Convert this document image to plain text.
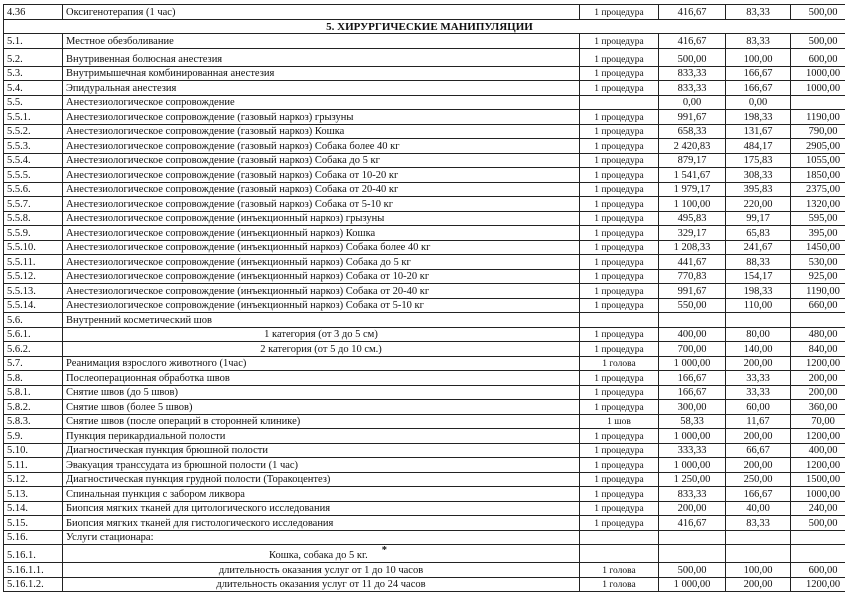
4.36	Оксигенотерапия (1 час)	1 процедура	416,67	83,33	500,00
5. ХИРУРГИЧЕСКИЕ МАНИПУЛЯЦИИ					
5.1.	Местное обезболивание	1 процедура	416,67	83,33	500,00
5.2.	Внутривенная болюсная анестезия	1 процедура	500,00	100,00	600,00
5.3.	Внутримышечная комбинированная анестезия	1 процедура	833,33	166,67	1000,00
5.4.	Эпидуральная анестезия	1 процедура	833,33	166,67	1000,00
5.5.	Анестезиологическое сопровождение		0,00	0,00	
5.5.1.	Анестезиологическое сопровождение (газовый наркоз) грызуны	1 процедура	991,67	198,33	1190,00
5.5.2.	Анестезиологическое сопровождение (газовый наркоз) Кошка	1 процедура	658,33	131,67	790,00
5.5.3.	Анестезиологическое сопровождение (газовый наркоз) Собака более 40 кг	1 процедура	2 420,83	484,17	2905,00
5.5.4.	Анестезиологическое сопровождение (газовый наркоз) Собака до 5 кг	1 процедура	879,17	175,83	1055,00
5.5.5.	Анестезиологическое сопровождение (газовый наркоз) Собака от 10-20 кг	1 процедура	1 541,67	308,33	1850,00
5.5.6.	Анестезиологическое сопровождение (газовый наркоз) Собака от 20-40 кг	1 процедура	1 979,17	395,83	2375,00
5.5.7.	Анестезиологическое сопровождение (газовый наркоз) Собака от 5-10 кг	1 процедура	1 100,00	220,00	1320,00
5.5.8.	Анестезиологическое сопровождение (инъекционный наркоз) грызуны	1 процедура	495,83	99,17	595,00
5.5.9.	Анестезиологическое сопровождение (инъекционный наркоз) Кошка	1 процедура	329,17	65,83	395,00
5.5.10.	Анестезиологическое сопровождение (инъекционный наркоз) Собака более 40 кг	1 процедура	1 208,33	241,67	1450,00
5.5.11.	Анестезиологическое сопровождение (инъекционный наркоз) Собака до 5 кг	1 процедура	441,67	88,33	530,00
5.5.12.	Анестезиологическое сопровождение (инъекционный наркоз) Собака от 10-20 кг	1 процедура	770,83	154,17	925,00
5.5.13.	Анестезиологическое сопровождение (инъекционный наркоз) Собака от 20-40 кг	1 процедура	991,67	198,33	1190,00
5.5.14.	Анестезиологическое сопровождение (инъекционный наркоз) Собака от 5-10 кг	1 процедура	550,00	110,00	660,00
5.6.	Внутренний косметический шов				
5.6.1.	1 категория (от 3 до 5 см)	1 процедура	400,00	80,00	480,00
5.6.2.	2 категория (от 5 до 10 см.)	1 процедура	700,00	140,00	840,00
5.7.	Реанимация взрослого животного (1час)	1 голова	1 000,00	200,00	1200,00
5.8.	Послеоперационная обработка швов	1 процедура	166,67	33,33	200,00
5.8.1.	Снятие швов (до 5 швов)	1 процедура	166,67	33,33	200,00
5.8.2.	Снятие швов (более 5 швов)	1 процедура	300,00	60,00	360,00
5.8.3.	Снятие швов (после операций в сторонней клинике)	1 шов	58,33	11,67	70,00
5.9.	Пункция перикардиальной полости	1 процедура	1 000,00	200,00	1200,00
5.10.	Диагностическая пункция брюшной полости	1 процедура	333,33	66,67	400,00
5.11.	Эвакуация транссудата из брюшной полости (1 час)	1 процедура	1 000,00	200,00	1200,00
5.12.	Диагностическая пункция грудной полости (Торакоцентез)	1 процедура	1 250,00	250,00	1500,00
5.13.	Спинальная пункция с забором ликвора	1 процедура	833,33	166,67	1000,00
5.14.	Биопсия мягких тканей для цитологического исследования	1 процедура	200,00	40,00	240,00
5.15.	Биопсия мягких тканей для гистологического исследования	1 процедура	416,67	83,33	500,00
5.16.	Услуги стационара:				
5.16.1.	Кошка, собака до 5 кг. *				
5.16.1.1.	длительность оказания услуг от 1 до 10 часов	1 голова	500,00	100,00	600,00
5.16.1.2.	длительность оказания услуг от 11 до 24 часов	1 голова	1 000,00	200,00	1200,00
